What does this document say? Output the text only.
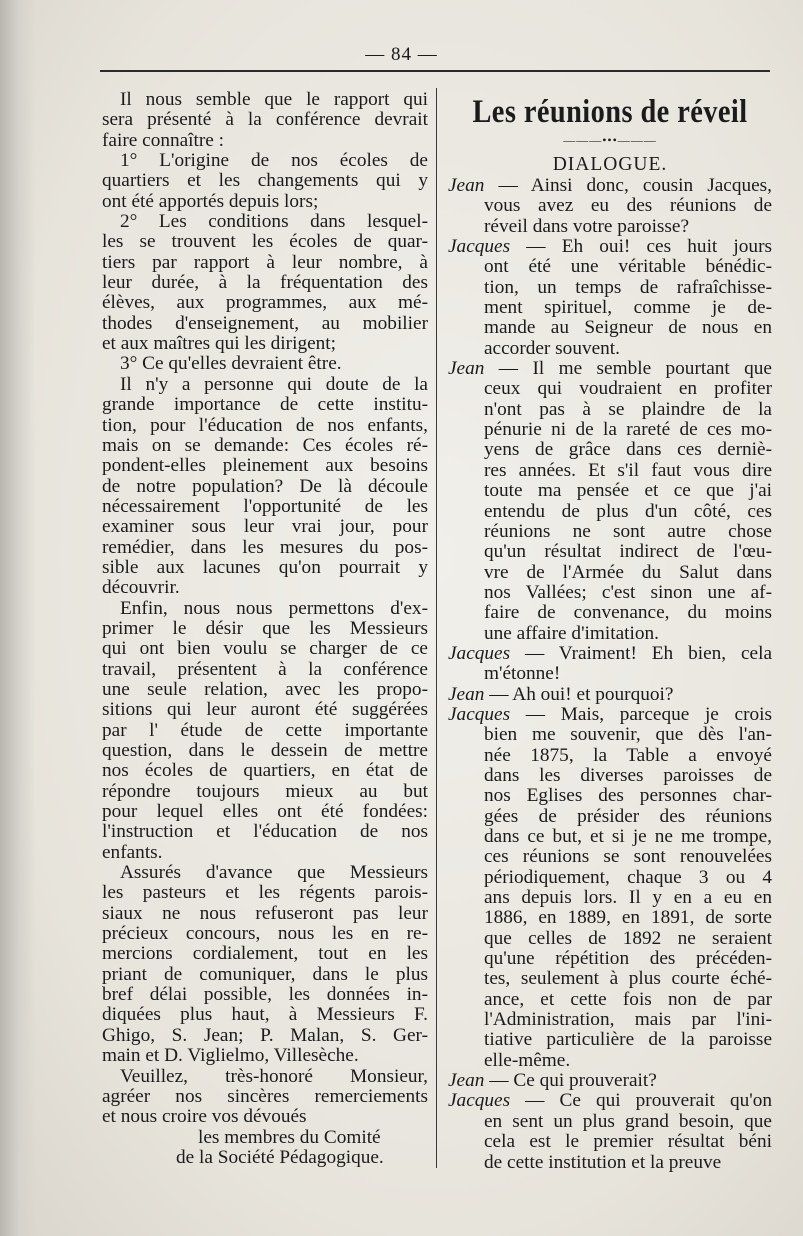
— 84 —
Il nous semble que le rapport qui
sera présenté à la conférence devrait
faire connaître :
1° L'origine de nos écoles de
quartiers et les changements qui y
ont été apportés depuis lors;
2° Les conditions dans lesquel-
les se trouvent les écoles de quar-
tiers par rapport à leur nombre, à
leur durée, à la fréquentation des
élèves, aux programmes, aux mé-
thodes d'enseignement, au mobilier
et aux maîtres qui les dirigent;
3° Ce qu'elles devraient être.
Il n'y a personne qui doute de la
grande importance de cette institu-
tion, pour l'éducation de nos enfants,
mais on se demande: Ces écoles ré-
pondent-elles pleinement aux besoins
de notre population? De là découle
nécessairement l'opportunité de les
examiner sous leur vrai jour, pour
remédier, dans les mesures du pos-
sible aux lacunes qu'on pourrait y
découvrir.
Enfin, nous nous permettons d'ex-
primer le désir que les Messieurs
qui ont bien voulu se charger de ce
travail, présentent à la conférence
une seule relation, avec les propo-
sitions qui leur auront été suggérées
par l' étude de cette importante
question, dans le dessein de mettre
nos écoles de quartiers, en état de
répondre toujours mieux au but
pour lequel elles ont été fondées:
l'instruction et l'éducation de nos
enfants.
Assurés d'avance que Messieurs
les pasteurs et les régents parois-
siaux ne nous refuseront pas leur
précieux concours, nous les en re-
mercions cordialement, tout en les
priant de comuniquer, dans le plus
bref délai possible, les données in-
diquées plus haut, à Messieurs F.
Ghigo, S. Jean; P. Malan, S. Ger-
main et D. Viglielmo, Villesèche.
Veuillez, très-honoré Monsieur,
agréer nos sincères remerciements
et nous croire vos dévoués
les membres du Comité
de la Société Pédagogique.
Les réunions de réveil
———•••———
DIALOGUE.
Jean — Ainsi donc, cousin Jacques,
vous avez eu des réunions de
réveil dans votre paroisse?
Jacques — Eh oui! ces huit jours
ont été une véritable bénédic-
tion, un temps de rafraîchisse-
ment spirituel, comme je de-
mande au Seigneur de nous en
accorder souvent.
Jean — Il me semble pourtant que
ceux qui voudraient en profiter
n'ont pas à se plaindre de la
pénurie ni de la rareté de ces mo-
yens de grâce dans ces derniè-
res années. Et s'il faut vous dire
toute ma pensée et ce que j'ai
entendu de plus d'un côté, ces
réunions ne sont autre chose
qu'un résultat indirect de l'œu-
vre de l'Armée du Salut dans
nos Vallées; c'est sinon une af-
faire de convenance, du moins
une affaire d'imitation.
Jacques — Vraiment! Eh bien, cela
m'étonne!
Jean — Ah oui! et pourquoi?
Jacques — Mais, parceque je crois
bien me souvenir, que dès l'an-
née 1875, la Table a envoyé
dans les diverses paroisses de
nos Eglises des personnes char-
gées de présider des réunions
dans ce but, et si je ne me trompe,
ces réunions se sont renouvelées
périodiquement, chaque 3 ou 4
ans depuis lors. Il y en a eu en
1886, en 1889, en 1891, de sorte
que celles de 1892 ne seraient
qu'une répétition des précéden-
tes, seulement à plus courte éché-
ance, et cette fois non de par
l'Administration, mais par l'ini-
tiative particulière de la paroisse
elle-même.
Jean — Ce qui prouverait?
Jacques — Ce qui prouverait qu'on
en sent un plus grand besoin, que
cela est le premier résultat béni
de cette institution et la preuve
